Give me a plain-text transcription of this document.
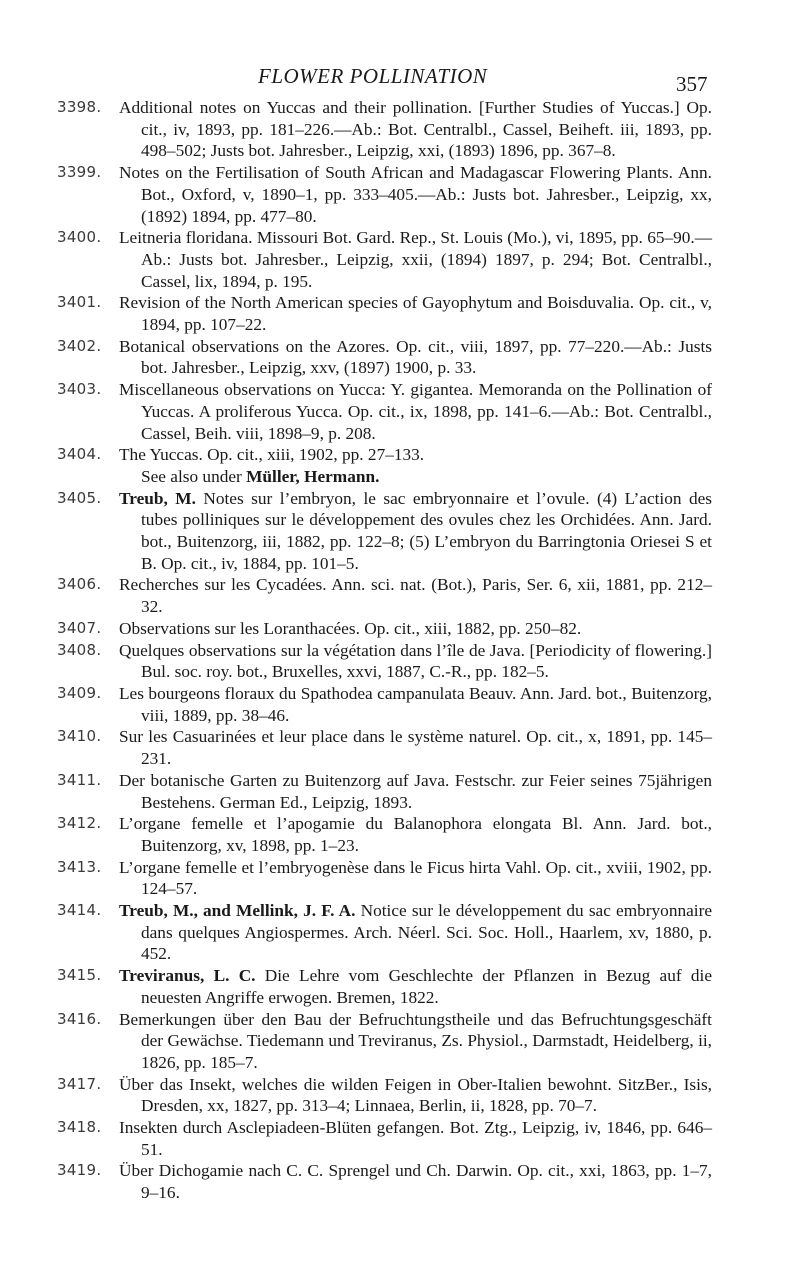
FLOWER POLLINATION	357
3398. Additional notes on Yuccas and their pollination. [Further Studies of Yuccas.] Op. cit., iv, 1893, pp. 181–226.—Ab.: Bot. Centralbl., Cassel, Beiheft. iii, 1893, pp. 498–502; Justs bot. Jahresber., Leipzig, xxi, (1893) 1896, pp. 367–8.
3399. Notes on the Fertilisation of South African and Madagascar Flowering Plants. Ann. Bot., Oxford, v, 1890–1, pp. 333–405.—Ab.: Justs bot. Jahresber., Leipzig, xx, (1892) 1894, pp. 477–80.
3400. Leitneria floridana. Missouri Bot. Gard. Rep., St. Louis (Mo.), vi, 1895, pp. 65–90.—Ab.: Justs bot. Jahresber., Leipzig, xxii, (1894) 1897, p. 294; Bot. Centralbl., Cassel, lix, 1894, p. 195.
3401. Revision of the North American species of Gayophytum and Boisduvalia. Op. cit., v, 1894, pp. 107–22.
3402. Botanical observations on the Azores. Op. cit., viii, 1897, pp. 77–220.—Ab.: Justs bot. Jahresber., Leipzig, xxv, (1897) 1900, p. 33.
3403. Miscellaneous observations on Yucca: Y. gigantea. Memoranda on the Pollination of Yuccas. A proliferous Yucca. Op. cit., ix, 1898, pp. 141–6.—Ab.: Bot. Centralbl., Cassel, Beih. viii, 1898–9, p. 208.
3404. The Yuccas. Op. cit., xiii, 1902, pp. 27–133.
See also under Müller, Hermann.
3405. Treub, M. Notes sur l’embryon, le sac embryonnaire et l’ovule. (4) L’action des tubes polliniques sur le développement des ovules chez les Orchidées. Ann. Jard. bot., Buitenzorg, iii, 1882, pp. 122–8; (5) L’embryon du Barringtonia Oriesei S et B. Op. cit., iv, 1884, pp. 101–5.
3406. Recherches sur les Cycadées. Ann. sci. nat. (Bot.), Paris, Ser. 6, xii, 1881, pp. 212–32.
3407. Observations sur les Loranthacées. Op. cit., xiii, 1882, pp. 250–82.
3408. Quelques observations sur la végétation dans l’île de Java. [Periodicity of flowering.] Bul. soc. roy. bot., Bruxelles, xxvi, 1887, C.-R., pp. 182–5.
3409. Les bourgeons floraux du Spathodea campanulata Beauv. Ann. Jard. bot., Buitenzorg, viii, 1889, pp. 38–46.
3410. Sur les Casuarinées et leur place dans le système naturel. Op. cit., x, 1891, pp. 145–231.
3411. Der botanische Garten zu Buitenzorg auf Java. Festschr. zur Feier seines 75jährigen Bestehens. German Ed., Leipzig, 1893.
3412. L’organe femelle et l’apogamie du Balanophora elongata Bl. Ann. Jard. bot., Buitenzorg, xv, 1898, pp. 1–23.
3413. L’organe femelle et l’embryogenèse dans le Ficus hirta Vahl. Op. cit., xviii, 1902, pp. 124–57.
3414. Treub, M., and Mellink, J. F. A. Notice sur le développement du sac embryonnaire dans quelques Angiospermes. Arch. Néerl. Sci. Soc. Holl., Haarlem, xv, 1880, p. 452.
3415. Treviranus, L. C. Die Lehre vom Geschlechte der Pflanzen in Bezug auf die neuesten Angriffe erwogen. Bremen, 1822.
3416. Bemerkungen über den Bau der Befruchtungstheile und das Befruchtungsgeschäft der Gewächse. Tiedemann und Treviranus, Zs. Physiol., Darmstadt, Heidelberg, ii, 1826, pp. 185–7.
3417. Über das Insekt, welches die wilden Feigen in Ober-Italien bewohnt. SitzBer., Isis, Dresden, xx, 1827, pp. 313–4; Linnaea, Berlin, ii, 1828, pp. 70–7.
3418. Insekten durch Asclepiadeen-Blüten gefangen. Bot. Ztg., Leipzig, iv, 1846, pp. 646–51.
3419. Über Dichogamie nach C. C. Sprengel und Ch. Darwin. Op. cit., xxi, 1863, pp. 1–7, 9–16.
